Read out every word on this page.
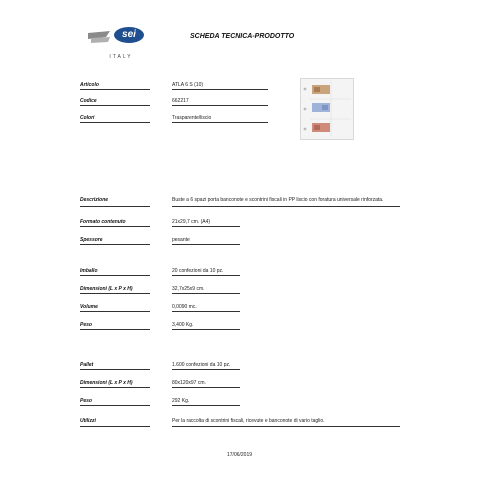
sei
ITALY
SCHEDA TECNICA-PRODOTTO
Articolo	ATLA 6 S (10)
Codice	662217
Colori	Trasparente/liscio
Descrizione	Buste a 6 spazi porta banconote e scontrini fiscali in PP liscio con foratura universale rinforzata.
Formato contenuto	21x29,7 cm. (A4)
Spessore	pesante
Imballo	20 confezioni da 10 pz.
Dimensioni (L x P x H)	32,7x25x9 cm.
Volume	0,0090 mc.
Peso	3,400 Kg.
Pallet	1.600 confezioni da 10 pz.
Dimensioni (L x P x H)	80x120x97 cm.
Peso	292 Kg.
Utilizzi	Per la raccolta di scontrini fiscali, ricevute e banconote di vario taglio.
17/06/2019
